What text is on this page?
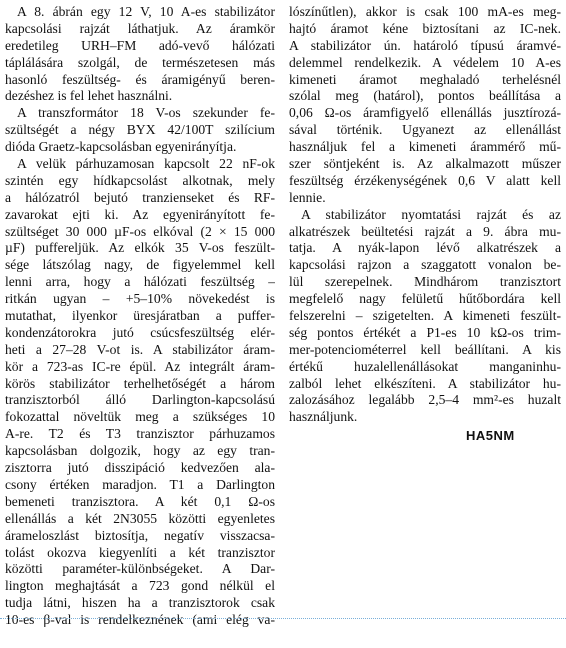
A 8. ábrán egy 12 V, 10 A-es stabilizátor
kapcsolási rajzát láthatjuk. Az áramkör
eredetileg URH–FM adó-vevő hálózati
táplálására szolgál, de természetesen más
hasonló feszültség- és áramigényű beren-
dezéshez is fel lehet használni.
A transzformátor 18 V-os szekunder fe-
szültségét a négy BYX 42/100T szilícium
dióda Graetz-kapcsolásban egyenirányítja.
A velük párhuzamosan kapcsolt 22 nF-ok
szintén egy hídkapcsolást alkotnak, mely
a hálózatról bejutó tranzienseket és RF-
zavarokat ejti ki. Az egyenirányított fe-
szültséget 30 000 µF-os elkóval (2 × 15 000
µF) puffereljük. Az elkók 35 V-os feszült-
sége látszólag nagy, de figyelemmel kell
lenni arra, hogy a hálózati feszültség –
ritkán ugyan – +5–10% növekedést is
mutathat, ilyenkor üresjáratban a puffer-
kondenzátorokra jutó csúcsfeszültség elér-
heti a 27–28 V-ot is. A stabilizátor áram-
kör a 723-as IC-re épül. Az integrált áram-
körös stabilizátor terhelhetőségét a három
tranzisztorból álló Darlington-kapcsolású
fokozattal növeltük meg a szükséges 10
A-re. T2 és T3 tranzisztor párhuzamos
kapcsolásban dolgozik, hogy az egy tran-
zisztorra jutó disszipáció kedvezően ala-
csony értéken maradjon. T1 a Darlington
bemeneti tranzisztora. A két 0,1 Ω-os
ellenállás a két 2N3055 közötti egyenletes
árameloszlást biztosítja, negatív visszacsa-
tolást okozva kiegyenlíti a két tranzisztor
közötti paraméter-különbségeket. A Dar-
lington meghajtását a 723 gond nélkül el
tudja látni, hiszen ha a tranzisztorok csak
10-es β-val is rendelkeznének (ami elég va-
lószínűtlen), akkor is csak 100 mA-es meg-
hajtó áramot kéne biztosítani az IC-nek.
A stabilizátor ún. határoló típusú áramvé-
delemmel rendelkezik. A védelem 10 A-es
kimeneti áramot meghaladó terhelésnél
szólal meg (határol), pontos beállítása a
0,06 Ω-os áramfigyelő ellenállás jusztírozá-
sával történik. Ugyanezt az ellenállást
használjuk fel a kimeneti árammérő mű-
szer söntjeként is. Az alkalmazott műszer
feszültség érzékenységének 0,6 V alatt kell
lennie.
A stabilizátor nyomtatási rajzát és az
alkatrészek beültetési rajzát a 9. ábra mu-
tatja. A nyák-lapon lévő alkatrészek a
kapcsolási rajzon a szaggatott vonalon be-
lül szerepelnek. Mindhárom tranzisztort
megfelelő nagy felületű hűtőbordára kell
felszerelni – szigetelten. A kimeneti feszült-
ség pontos értékét a P1-es 10 kΩ-os trim-
mer-potenciométerrel kell beállítani. A kis
értékű huzalellenállásokat manganinhu-
zalból lehet elkészíteni. A stabilizátor hu-
zalozásához legalább 2,5–4 mm²-es huzalt
használjunk.
HA5NM
